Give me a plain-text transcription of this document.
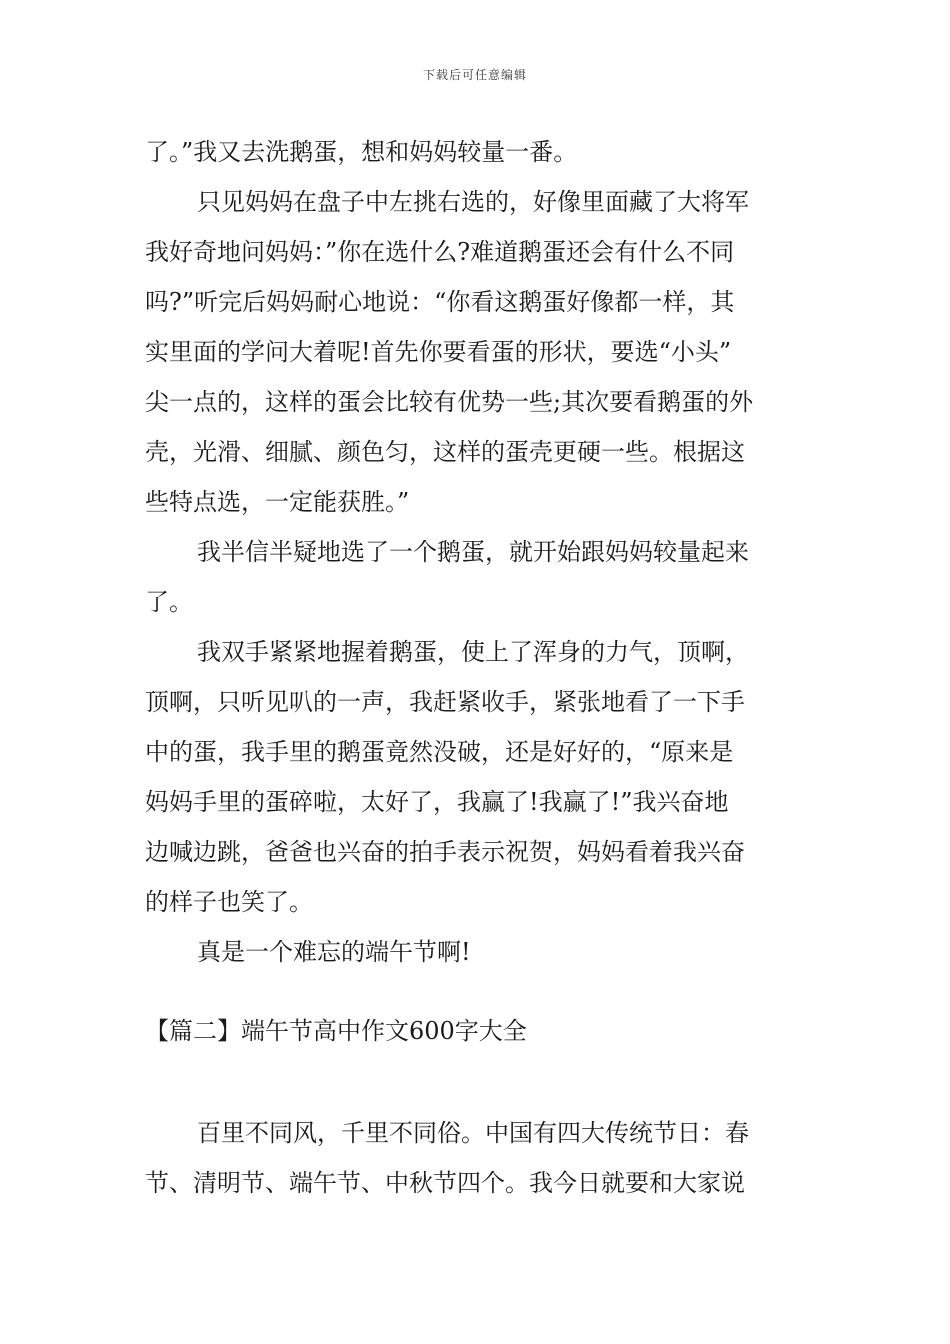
下载后可任意编辑
了。”我又去洗鹅蛋，想和妈妈较量一番。
只见妈妈在盘子中左挑右选的，好像里面藏了大将军
我好奇地问妈妈：”你在选什么?难道鹅蛋还会有什么不同
吗?”听完后妈妈耐心地说：“你看这鹅蛋好像都一样，其
实里面的学问大着呢!首先你要看蛋的形状，要选“小头”
尖一点的，这样的蛋会比较有优势一些;其次要看鹅蛋的外
壳，光滑、细腻、颜色匀，这样的蛋壳更硬一些。根据这
些特点选，一定能获胜。”
我半信半疑地选了一个鹅蛋，就开始跟妈妈较量起来
了。
我双手紧紧地握着鹅蛋，使上了浑身的力气，顶啊，
顶啊，只听见叭的一声，我赶紧收手，紧张地看了一下手
中的蛋，我手里的鹅蛋竟然没破，还是好好的，“原来是
妈妈手里的蛋碎啦，太好了，我赢了!我赢了!”我兴奋地
边喊边跳，爸爸也兴奋的拍手表示祝贺，妈妈看着我兴奋
的样子也笑了。
真是一个难忘的端午节啊!
【篇二】端午节高中作文600字大全
百里不同风，千里不同俗。中国有四大传统节日：春
节、清明节、端午节、中秋节四个。我今日就要和大家说
